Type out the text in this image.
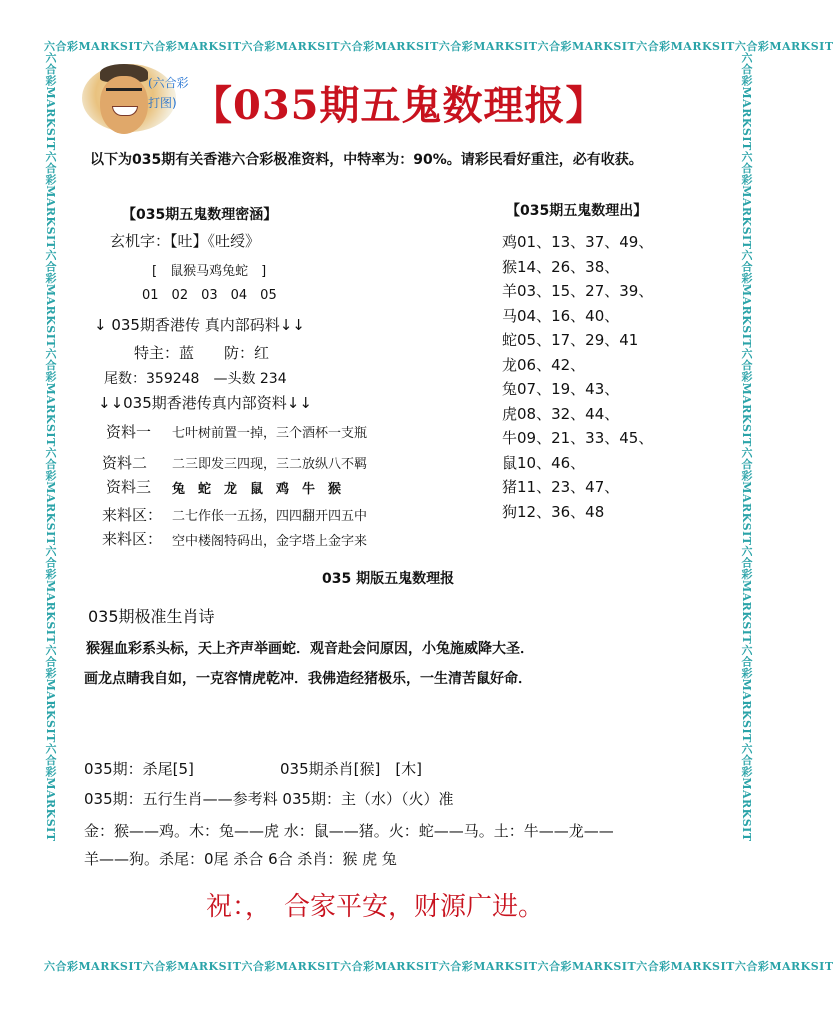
六合彩MARKSIT六合彩MARKSIT六合彩MARKSIT六合彩MARKSIT六合彩MARKSIT六合彩MARKSIT六合彩MARKSIT六合彩MARKSIT
六合彩MARKSIT六合彩MARKSIT六合彩MARKSIT六合彩MARKSIT六合彩MARKSIT六合彩MARKSIT六合彩MARKSIT六合彩MARKSIT
六合彩MARKSIT六合彩MARKSIT六合彩MARKSIT六合彩MARKSIT六合彩MARKSIT六合彩MARKSIT六合彩MARKSIT六合彩MARKSIT	六合彩MARKSIT六合彩MARKSIT六合彩MARKSIT六合彩MARKSIT六合彩MARKSIT六合彩MARKSIT六合彩MARKSIT六合彩MARKSIT
(六合彩
打图) 【035期五鬼数理报】
以下为035期有关香港六合彩极准资料，中特率为：90%。请彩民看好重注，必有收获。
【035期五鬼数理密涵】
玄机字：【吐】《吐绶》
[　鼠猴马鸡兔蛇　]
01　02　03　04　05
↓ 035期香港传 真内部码料↓↓
特主：蓝　　防：红
尾数：359248　—头数 234
↓↓035期香港传真内部资料↓↓
资料一 七叶树前置一掉，三个酒杯一支瓶
资料二 二三即发三四现，三二放纵八不羁
资料三 兔　蛇　龙　鼠　鸡　牛　猴
来料区： 二七作伥一五扬，四四翻开四五中
来料区： 空中楼阁特码出，金字塔上金字来
【035期五鬼数理出】
鸡01、13、37、49、
猴14、26、38、
羊03、15、27、39、
马04、16、40、
蛇05、17、29、41
龙06、42、
兔07、19、43、
虎08、32、44、
牛09、21、33、45、
鼠10、46、
猪11、23、47、
狗12、36、48
035 期版五鬼数理报
035期极准生肖诗
猴猩血彩系头标，天上齐声举画蛇．观音赴会问原因，小兔施威降大圣．
画龙点睛我自如，一克容情虎乾冲．我佛造经猪极乐，一生清苦鼠好命．
035期：杀尾[5]	035期杀肖[猴]　[木]
035期：五行生肖——参考料 035期：主（水）（火）准
金：猴——鸡。木：兔——虎 水：鼠——猪。火：蛇——马。土：牛——龙——
羊——狗。杀尾：0尾 杀合 6合 杀肖：猴 虎 兔
祝：，　合家平安，财源广进。
